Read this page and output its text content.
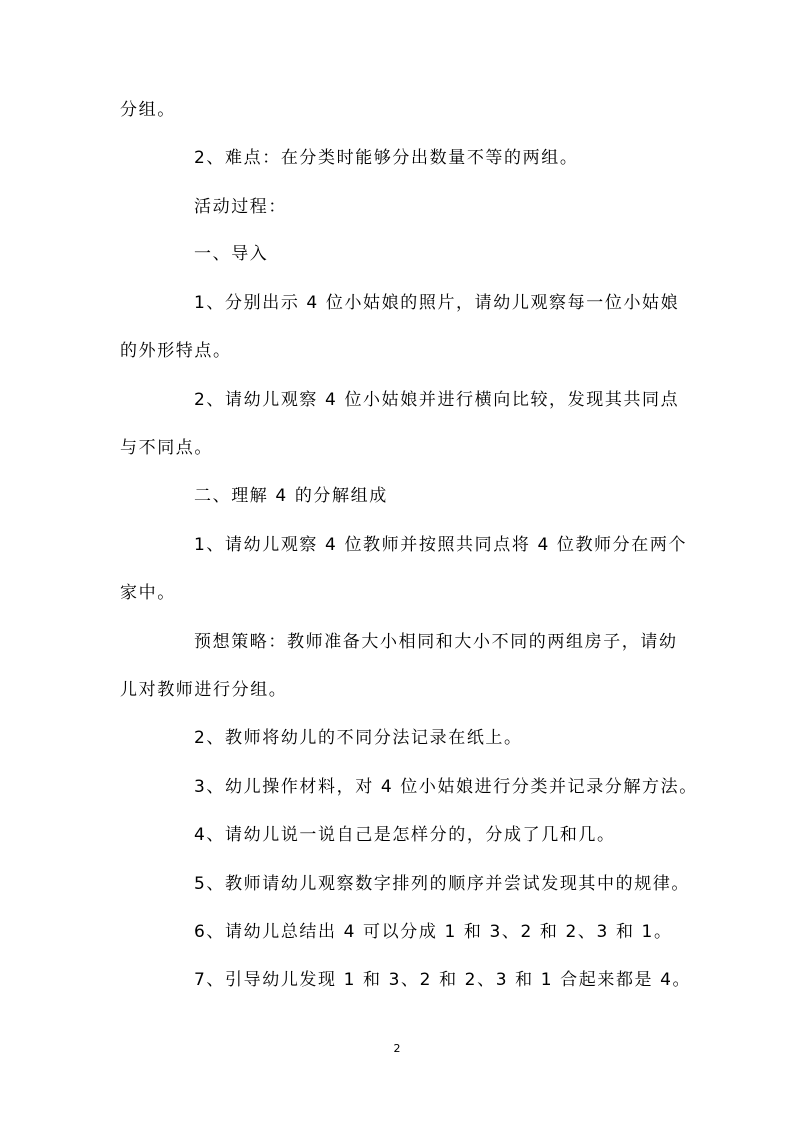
分组。
2、难点：在分类时能够分出数量不等的两组。
活动过程：
一、导入
1、分别出示 4 位小姑娘的照片，请幼儿观察每一位小姑娘
的外形特点。
2、请幼儿观察 4 位小姑娘并进行横向比较，发现其共同点
与不同点。
二、理解 4 的分解组成
1、请幼儿观察 4 位教师并按照共同点将 4 位教师分在两个
家中。
预想策略：教师准备大小相同和大小不同的两组房子，请幼
儿对教师进行分组。
2、教师将幼儿的不同分法记录在纸上。
3、幼儿操作材料，对 4 位小姑娘进行分类并记录分解方法。
4、请幼儿说一说自己是怎样分的，分成了几和几。
5、教师请幼儿观察数字排列的顺序并尝试发现其中的规律。
6、请幼儿总结出 4 可以分成 1 和 3、2 和 2、3 和 1。
7、引导幼儿发现 1 和 3、2 和 2、3 和 1 合起来都是 4。
2
